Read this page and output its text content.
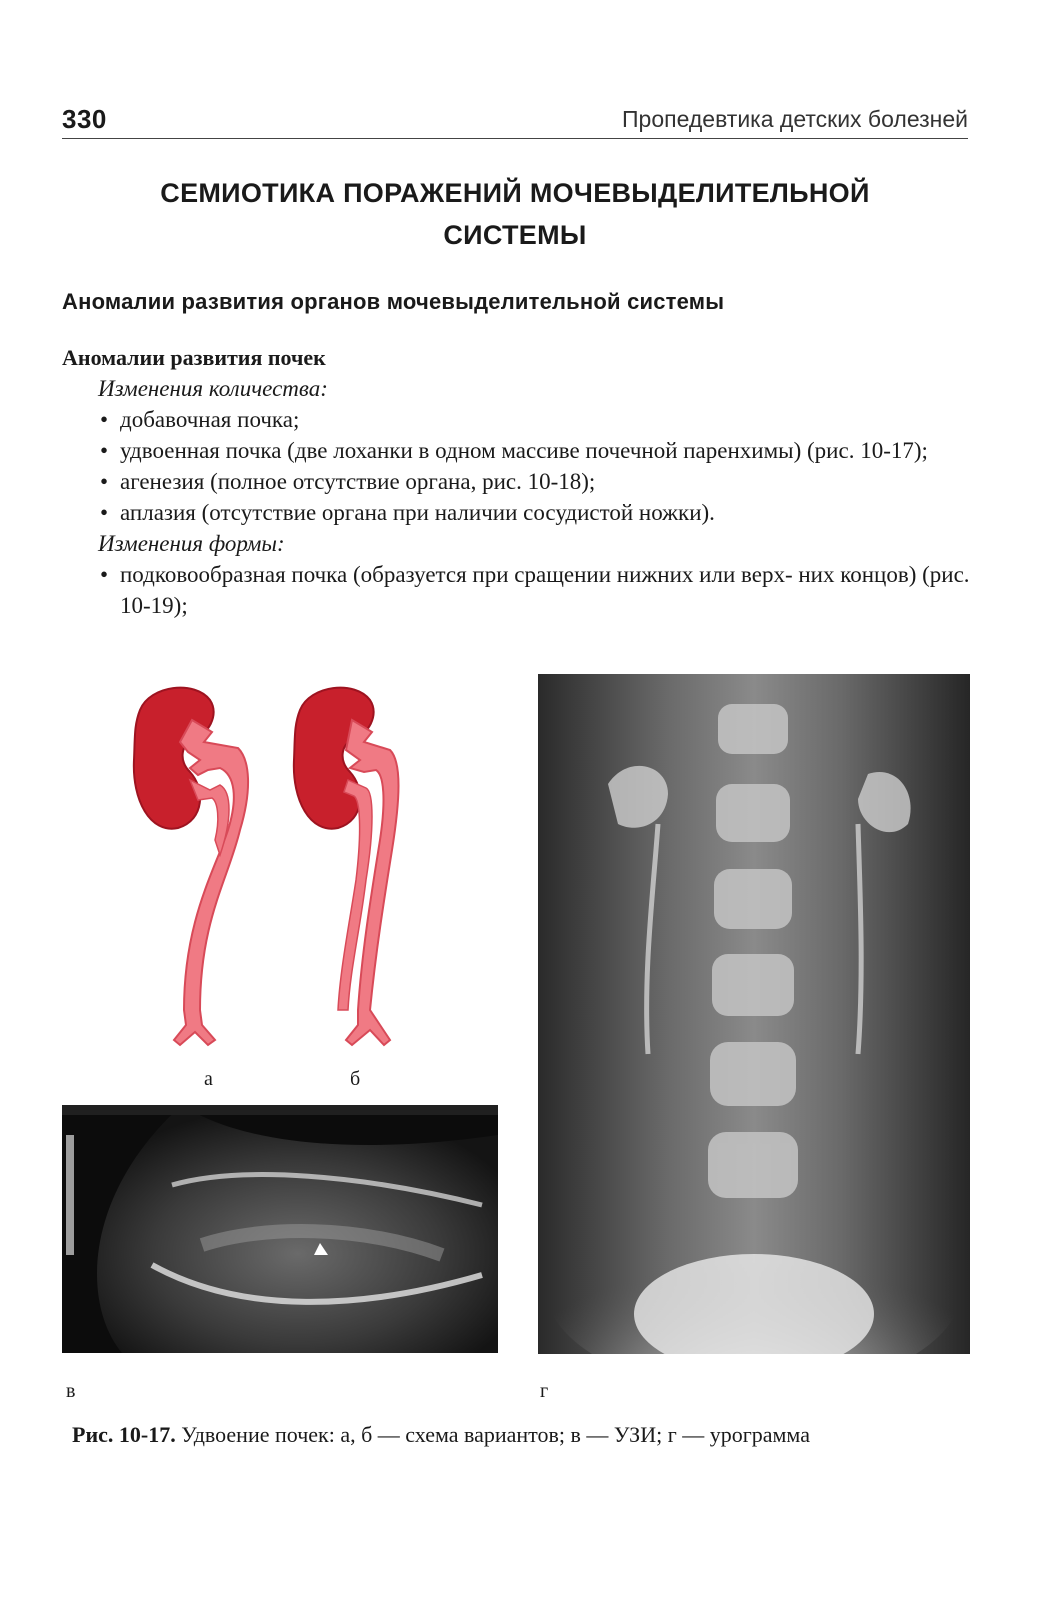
330	Пропедевтика детских болезней
СЕМИОТИКА ПОРАЖЕНИЙ МОЧЕВЫДЕЛИТЕЛЬНОЙ
СИСТЕМЫ
Аномалии развития органов мочевыделительной системы
Аномалии развития почек
Изменения количества:
• добавочная почка;
• удвоенная почка (две лоханки в одном массиве почечной паренхимы) (рис. 10-17);
• агенезия (полное отсутствие органа, рис. 10-18);
• аплазия (отсутствие органа при наличии сосудистой ножки).
Изменения формы:
• подковообразная почка (образуется при сращении нижних или верх- них концов) (рис. 10-19);
а	б
в	г
Рис. 10-17. Удвоение почек: а, б — схема вариантов; в — УЗИ; г — урограмма
